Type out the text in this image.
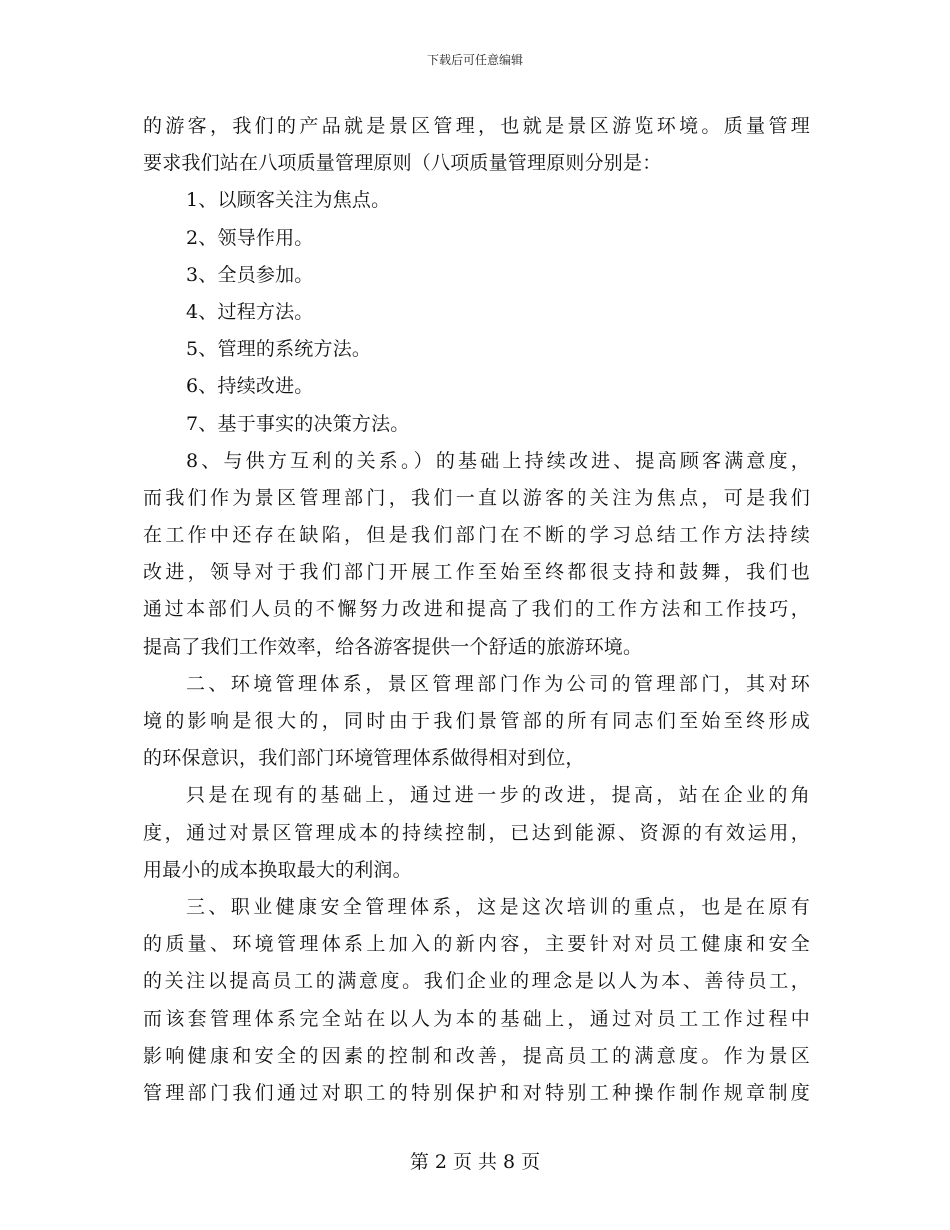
下载后可任意编辑
的游客，我们的产品就是景区管理，也就是景区游览环境。质量管理
要求我们站在八项质量管理原则（八项质量管理原则分别是：
1、以顾客关注为焦点。
2、领导作用。
3、全员参加。
4、过程方法。
5、管理的系统方法。
6、持续改进。
7、基于事实的决策方法。
8、与供方互利的关系。）的基础上持续改进、提高顾客满意度，
而我们作为景区管理部门，我们一直以游客的关注为焦点，可是我们
在工作中还存在缺陷，但是我们部门在不断的学习总结工作方法持续
改进，领导对于我们部门开展工作至始至终都很支持和鼓舞，我们也
通过本部们人员的不懈努力改进和提高了我们的工作方法和工作技巧，
提高了我们工作效率，给各游客提供一个舒适的旅游环境。
二、环境管理体系，景区管理部门作为公司的管理部门，其对环
境的影响是很大的，同时由于我们景管部的所有同志们至始至终形成
的环保意识，我们部门环境管理体系做得相对到位，
只是在现有的基础上，通过进一步的改进，提高，站在企业的角
度，通过对景区管理成本的持续控制，已达到能源、资源的有效运用，
用最小的成本换取最大的利润。
三、职业健康安全管理体系，这是这次培训的重点，也是在原有
的质量、环境管理体系上加入的新内容，主要针对对员工健康和安全
的关注以提高员工的满意度。我们企业的理念是以人为本、善待员工，
而该套管理体系完全站在以人为本的基础上，通过对员工工作过程中
影响健康和安全的因素的控制和改善，提高员工的满意度。作为景区
管理部门我们通过对职工的特别保护和对特别工种操作制作规章制度
第 2 页 共 8 页
